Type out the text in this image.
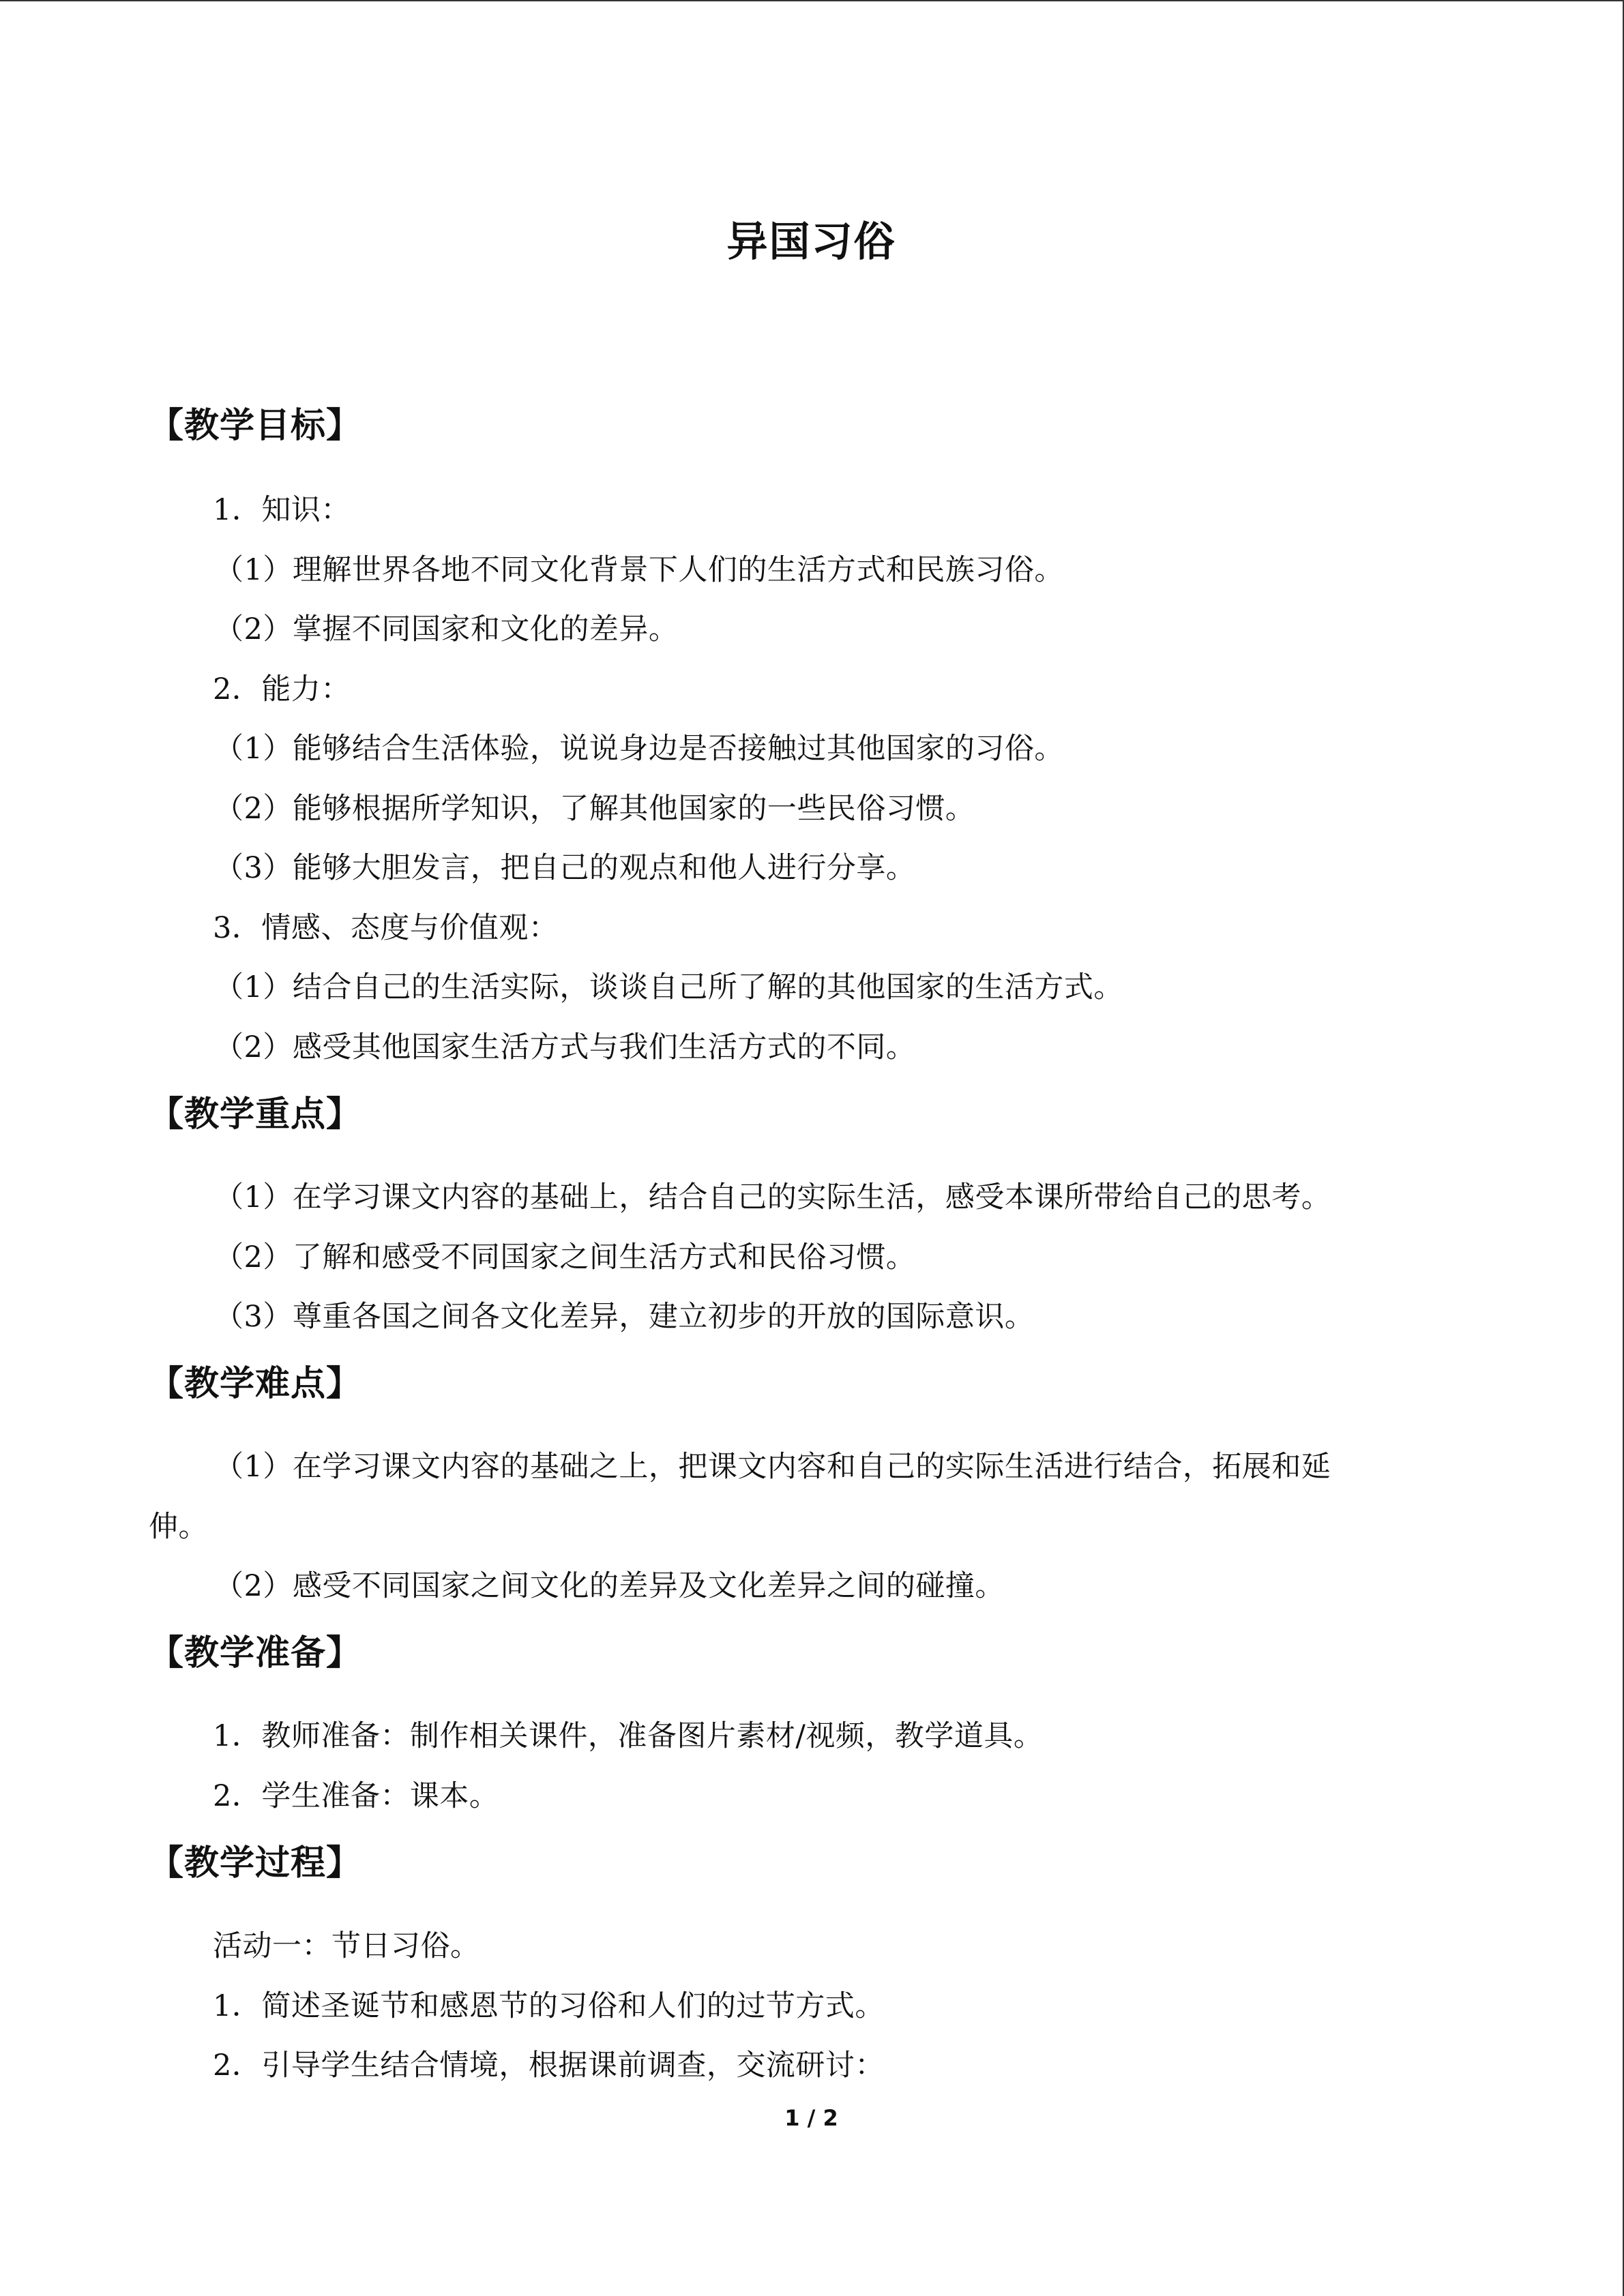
异国习俗
【教学目标】
1．知识：
（1）理解世界各地不同文化背景下人们的生活方式和民族习俗。
（2）掌握不同国家和文化的差异。
2．能力：
（1）能够结合生活体验，说说身边是否接触过其他国家的习俗。
（2）能够根据所学知识，了解其他国家的一些民俗习惯。
（3）能够大胆发言，把自己的观点和他人进行分享。
3．情感、态度与价值观：
（1）结合自己的生活实际，谈谈自己所了解的其他国家的生活方式。
（2）感受其他国家生活方式与我们生活方式的不同。
【教学重点】
（1）在学习课文内容的基础上，结合自己的实际生活，感受本课所带给自己的思考。
（2）了解和感受不同国家之间生活方式和民俗习惯。
（3）尊重各国之间各文化差异，建立初步的开放的国际意识。
【教学难点】
（1）在学习课文内容的基础之上，把课文内容和自己的实际生活进行结合，拓展和延
伸。
（2）感受不同国家之间文化的差异及文化差异之间的碰撞。
【教学准备】
1．教师准备：制作相关课件，准备图片素材/视频，教学道具。
2．学生准备：课本。
【教学过程】
活动一：节日习俗。
1．简述圣诞节和感恩节的习俗和人们的过节方式。
2．引导学生结合情境，根据课前调查，交流研讨：
1 / 2
